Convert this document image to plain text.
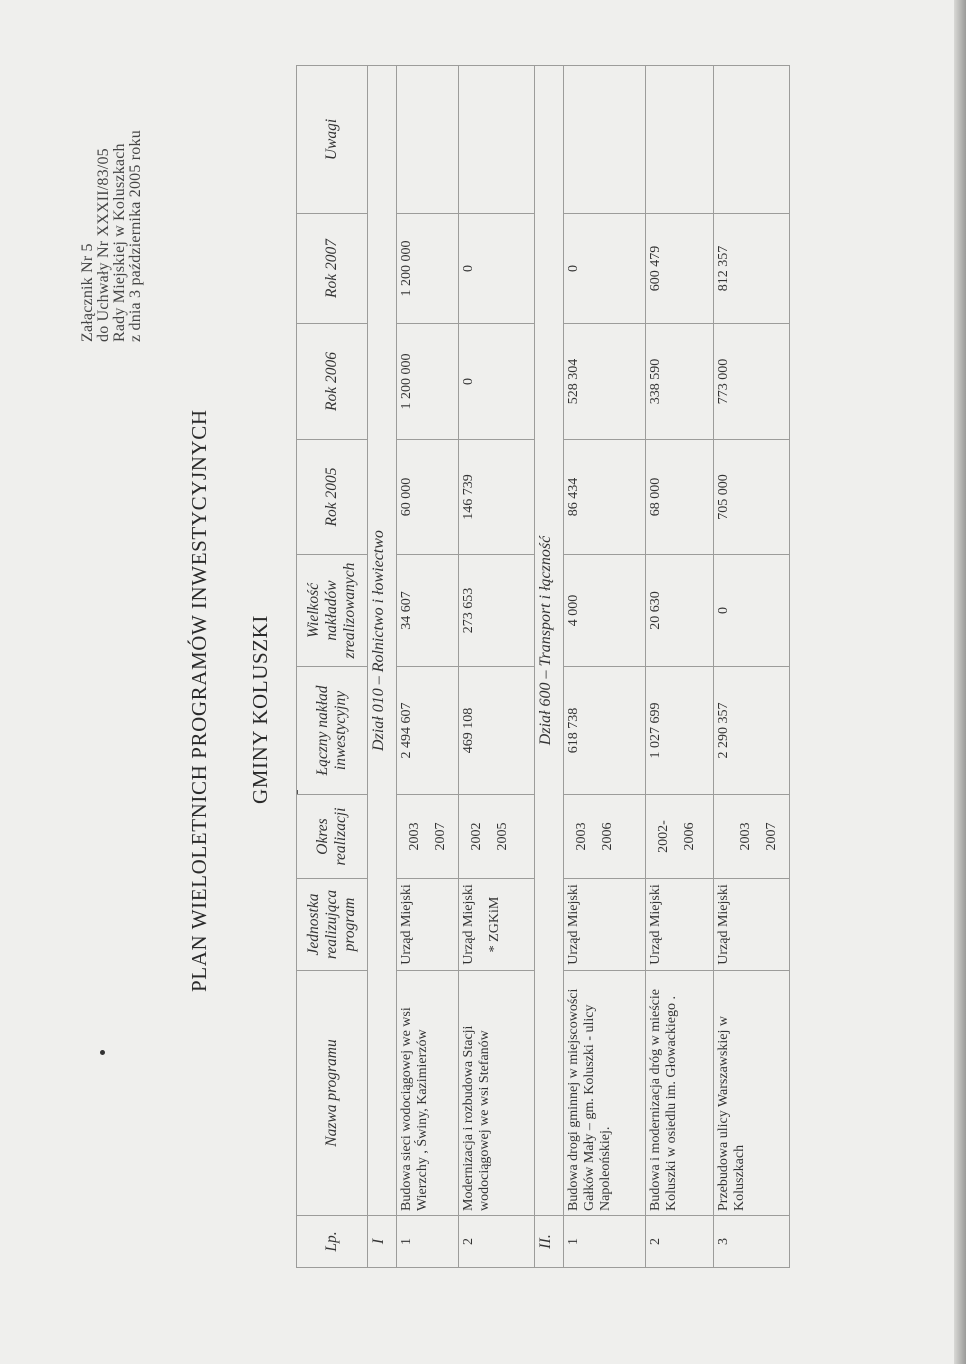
Załącznik Nr 5 do Uchwały Nr XXXII/83/05 Rady Miejskiej w Koluszkach z dnia 3 października 2005 roku
PLAN WIELOLETNICH PROGRAMÓW INWESTYCYJNYCH GMINY KOLUSZKI
Lp.	Nazwa programu	Jednostka realizująca program	Okres realizacji	Łączny nakład inwestycyjny	Wielkość nakładów zrealizowanych	Rok 2005	Rok 2006	Rok 2007	Uwagi
I	Dział 010 – Rolnictwo i łowiectwo								
1	Budowa sieci wodociągowej we wsi Wierzchy , Świny, Kazimierzów	Urząd Miejski	2003 2007	2 494 607	34 607	60 000	1 200 000	1 200 000	
2	Modernizacja i rozbudowa Stacji wodociągowej we wsi Stefanów	Urząd Miejski * ZGKiM	2002 2005	469 108	273 653	146 739	0	0	
II.	Dział 600 – Transport i łączność								
1	Budowa drogi gminnej w miejscowości Gałków Mały – gm. Koluszki - ulicy Napoleońskiej.	Urząd Miejski	2003 2006	618 738	4 000	86 434	528 304	0	
2	Budowa i modernizacja dróg w mieście Koluszki w osiedlu im. Głowackiego .	Urząd Miejski	2002- 2006	1 027 699	20 630	68 000	338 590	600 479	
3	Przebudowa ulicy Warszawskiej w Koluszkach	Urząd Miejski	2003 2007	2 290 357	0	705 000	773 000	812 357	
